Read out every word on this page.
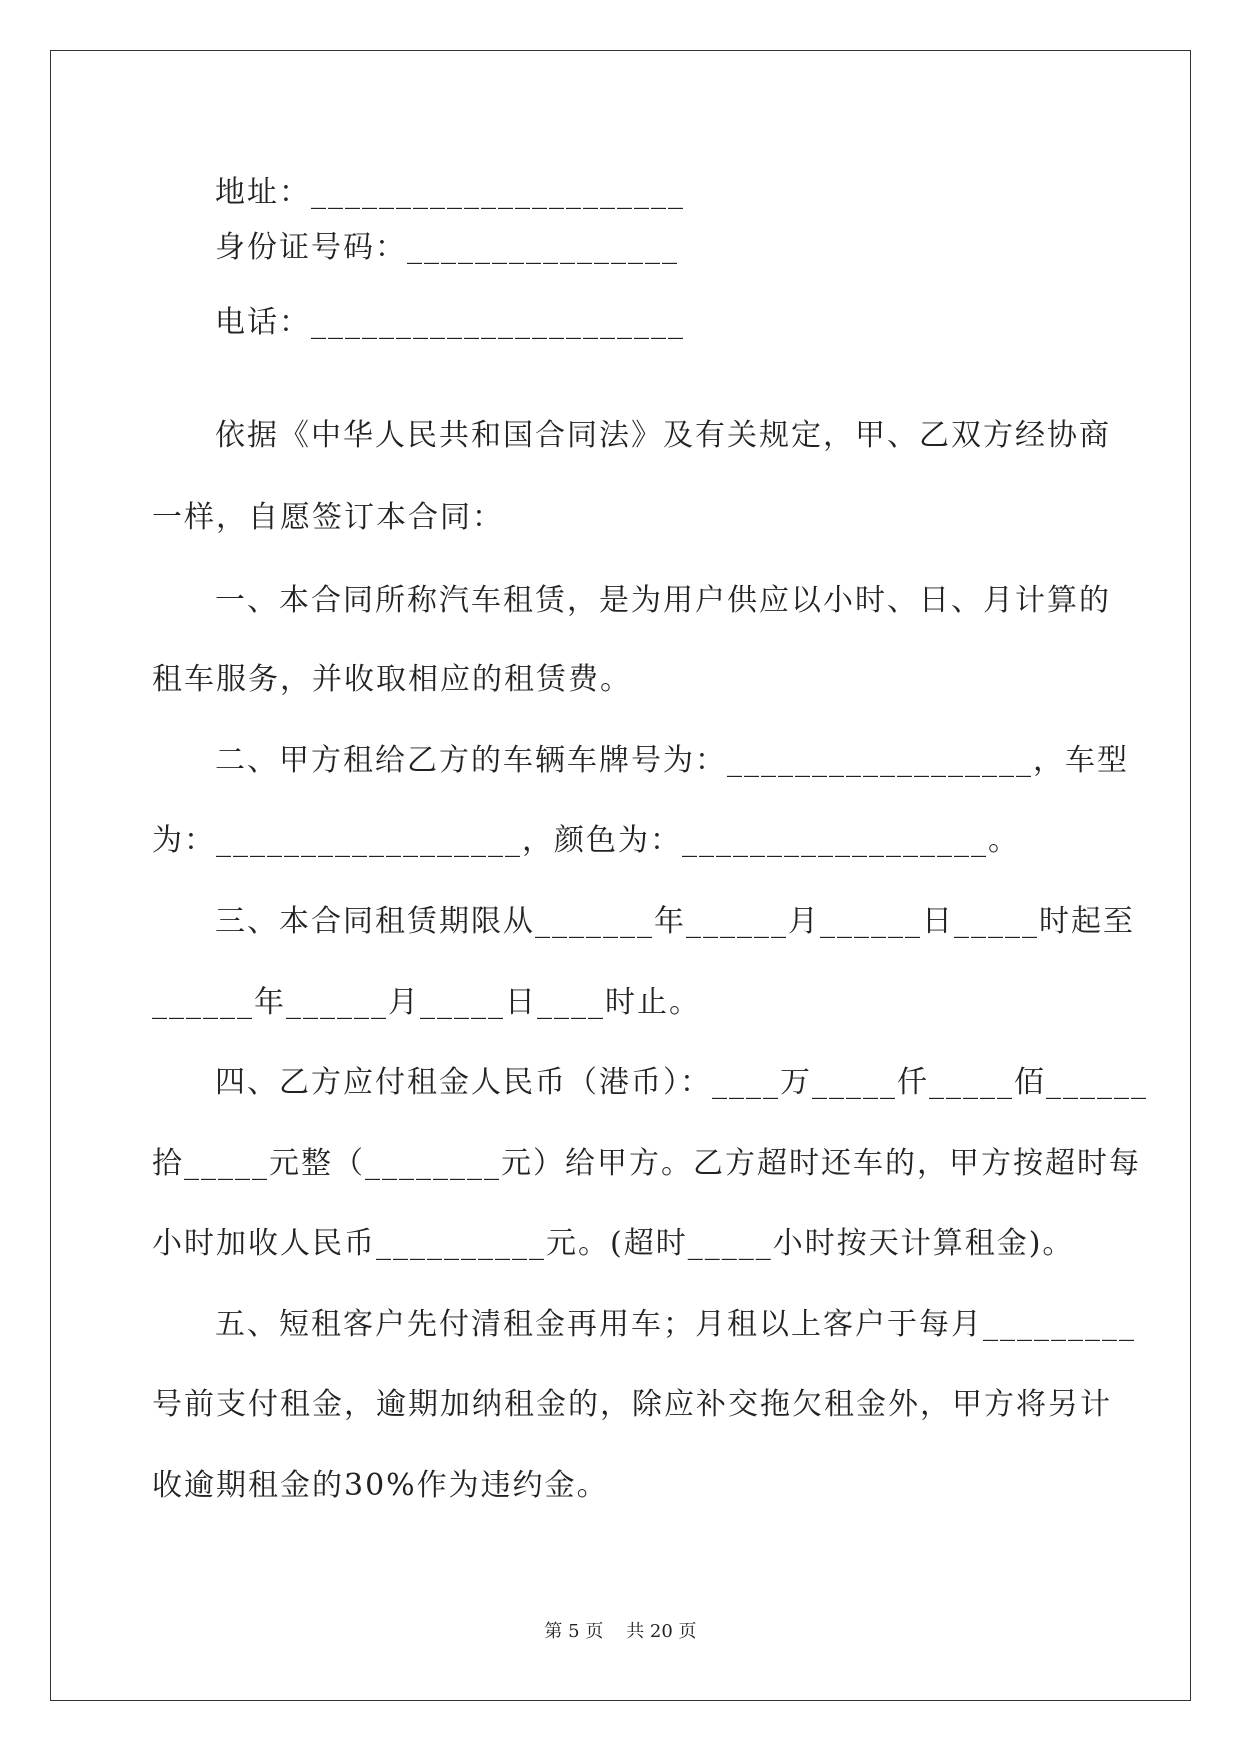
地址：______________________
身份证号码：________________
电话：______________________
依据《中华人民共和国合同法》及有关规定，甲、乙双方经协商
一样，自愿签订本合同：
一、本合同所称汽车租赁，是为用户供应以小时、日、月计算的
租车服务，并收取相应的租赁费。
二、甲方租给乙方的车辆车牌号为：__________________，车型
为：__________________，颜色为：__________________。
三、本合同租赁期限从_______年______月______日_____时起至
______年______月_____日____时止。
四、乙方应付租金人民币（港币）：____万_____仟_____佰______
拾_____元整（________元）给甲方。乙方超时还车的，甲方按超时每
小时加收人民币__________元。(超时_____小时按天计算租金)。
五、短租客户先付清租金再用车；月租以上客户于每月_________
号前支付租金，逾期加纳租金的，除应补交拖欠租金外，甲方将另计
收逾期租金的30%作为违约金。
第 5 页    共 20 页
